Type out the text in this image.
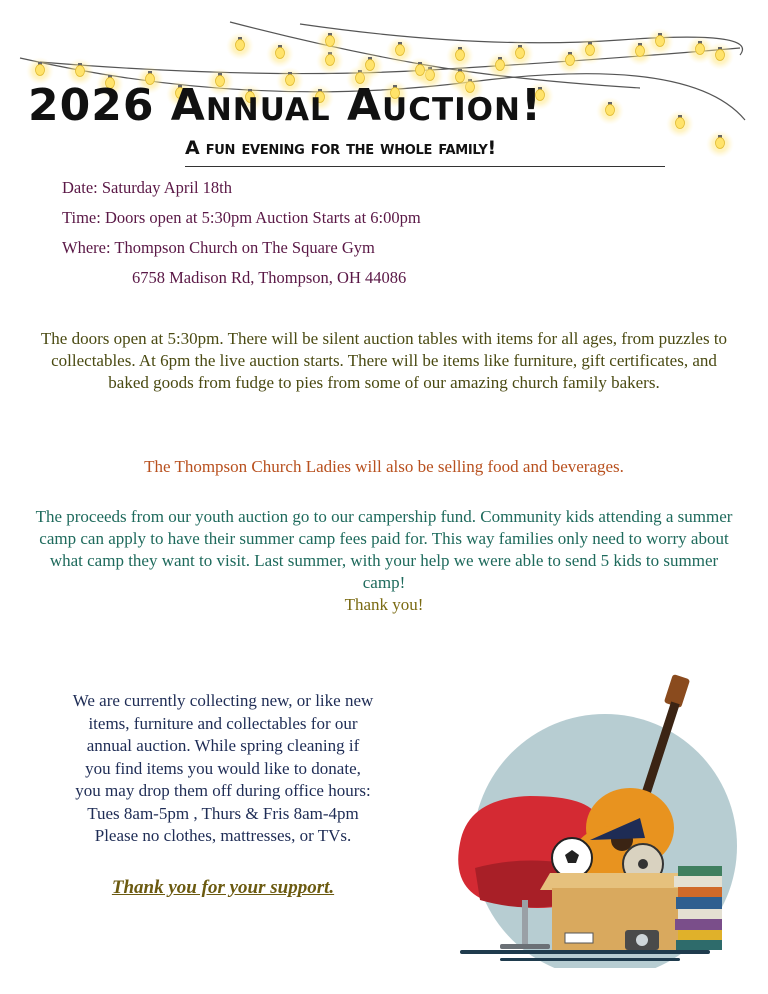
2026 Annual Auction!
A fun evening for the whole family!

Date: Saturday April 18th

Time: Doors open at 5:30pm Auction Starts at 6:00pm

Where: Thompson Church on The Square Gym

6758 Madison Rd, Thompson, OH 44086

The doors open at 5:30pm. There will be silent auction tables with items for all ages, from puzzles to collectables. At 6pm the live auction starts. There will be items like furniture, gift certificates, and baked goods from fudge to pies from some of our amazing church family bakers.

The Thompson Church Ladies will also be selling food and beverages.

The proceeds from our youth auction go to our campership fund. Community kids attending a summer camp can apply to have their summer camp fees paid for. This way families only need to worry about what camp they want to visit. Last summer, with your help we were able to send 5 kids to summer camp!
Thank you!

We are currently collecting new, or like new
items, furniture and collectables for our
annual auction. While spring cleaning if
you find items you would like to donate,
you may drop them off during office hours:
Tues 8am-5pm , Thurs & Fris 8am-4pm
Please no clothes, mattresses, or TVs.
Thank you for your support.
